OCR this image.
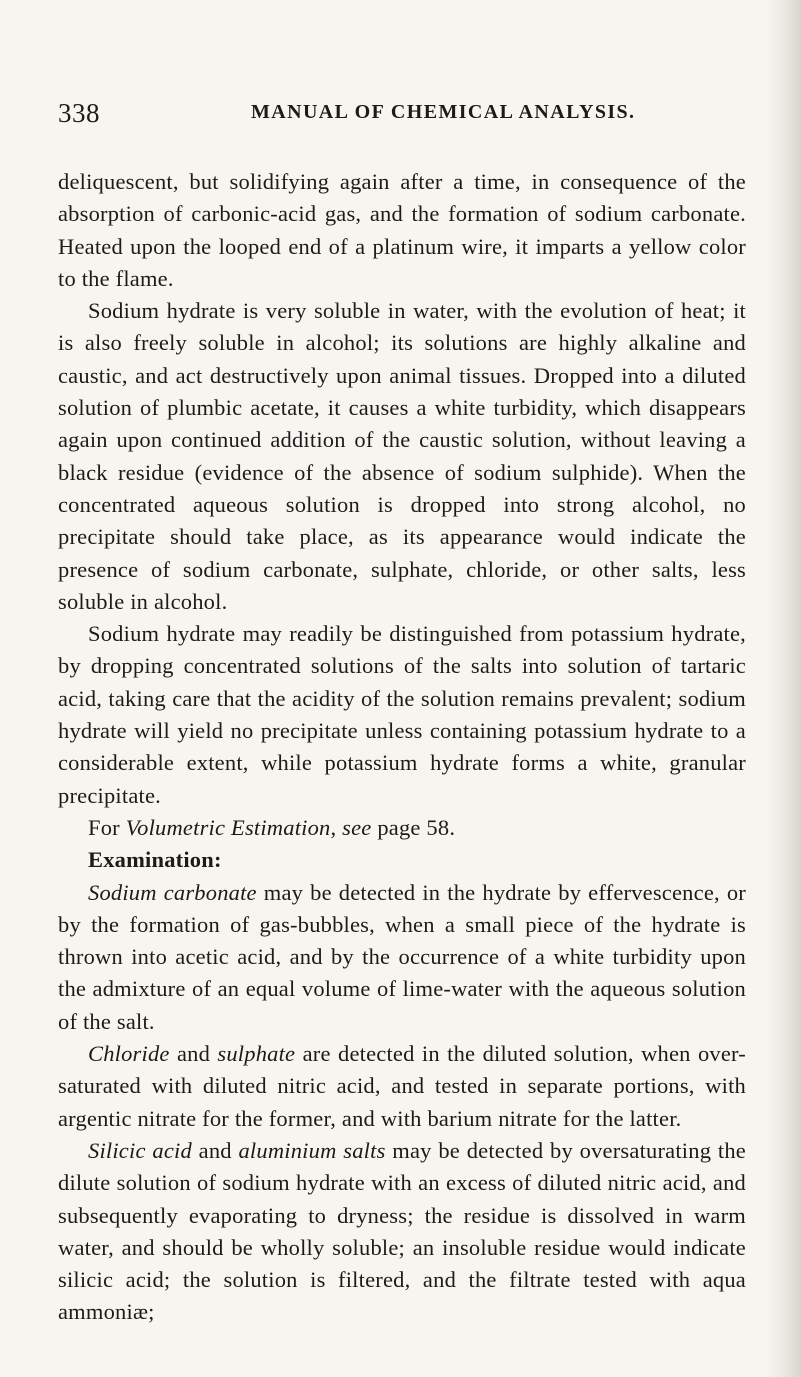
338	MANUAL OF CHEMICAL ANALYSIS.

deliquescent, but solidifying again after a time, in consequence of the absorption of carbonic-acid gas, and the formation of sodium carbonate. Heated upon the looped end of a platinum wire, it imparts a yellow color to the flame.

Sodium hydrate is very soluble in water, with the evolution of heat; it is also freely soluble in alcohol; its solutions are highly alkaline and caustic, and act destructively upon animal tissues. Dropped into a diluted solution of plumbic acetate, it causes a white turbidity, which disappears again upon continued addition of the caustic solution, without leaving a black residue (evidence of the absence of sodium sulphide). When the concentrated aqueous solution is dropped into strong alcohol, no precipitate should take place, as its appearance would indicate the presence of sodium carbonate, sulphate, chloride, or other salts, less soluble in alcohol.

Sodium hydrate may readily be distinguished from potassium hydrate, by dropping concentrated solutions of the salts into solution of tartaric acid, taking care that the acidity of the solution remains prevalent; sodium hydrate will yield no precipitate unless containing potassium hydrate to a considerable extent, while potassium hydrate forms a white, granular precipitate.

For Volumetric Estimation, see page 58.

Examination:

Sodium carbonate may be detected in the hydrate by effervescence, or by the formation of gas-bubbles, when a small piece of the hydrate is thrown into acetic acid, and by the occurrence of a white turbidity upon the admixture of an equal volume of lime-water with the aqueous solution of the salt.

Chloride and sulphate are detected in the diluted solution, when over-saturated with diluted nitric acid, and tested in separate portions, with argentic nitrate for the former, and with barium nitrate for the latter.

Silicic acid and aluminium salts may be detected by oversaturating the dilute solution of sodium hydrate with an excess of diluted nitric acid, and subsequently evaporating to dryness; the residue is dissolved in warm water, and should be wholly soluble; an insoluble residue would indicate silicic acid; the solution is filtered, and the filtrate tested with aqua ammoniæ;
